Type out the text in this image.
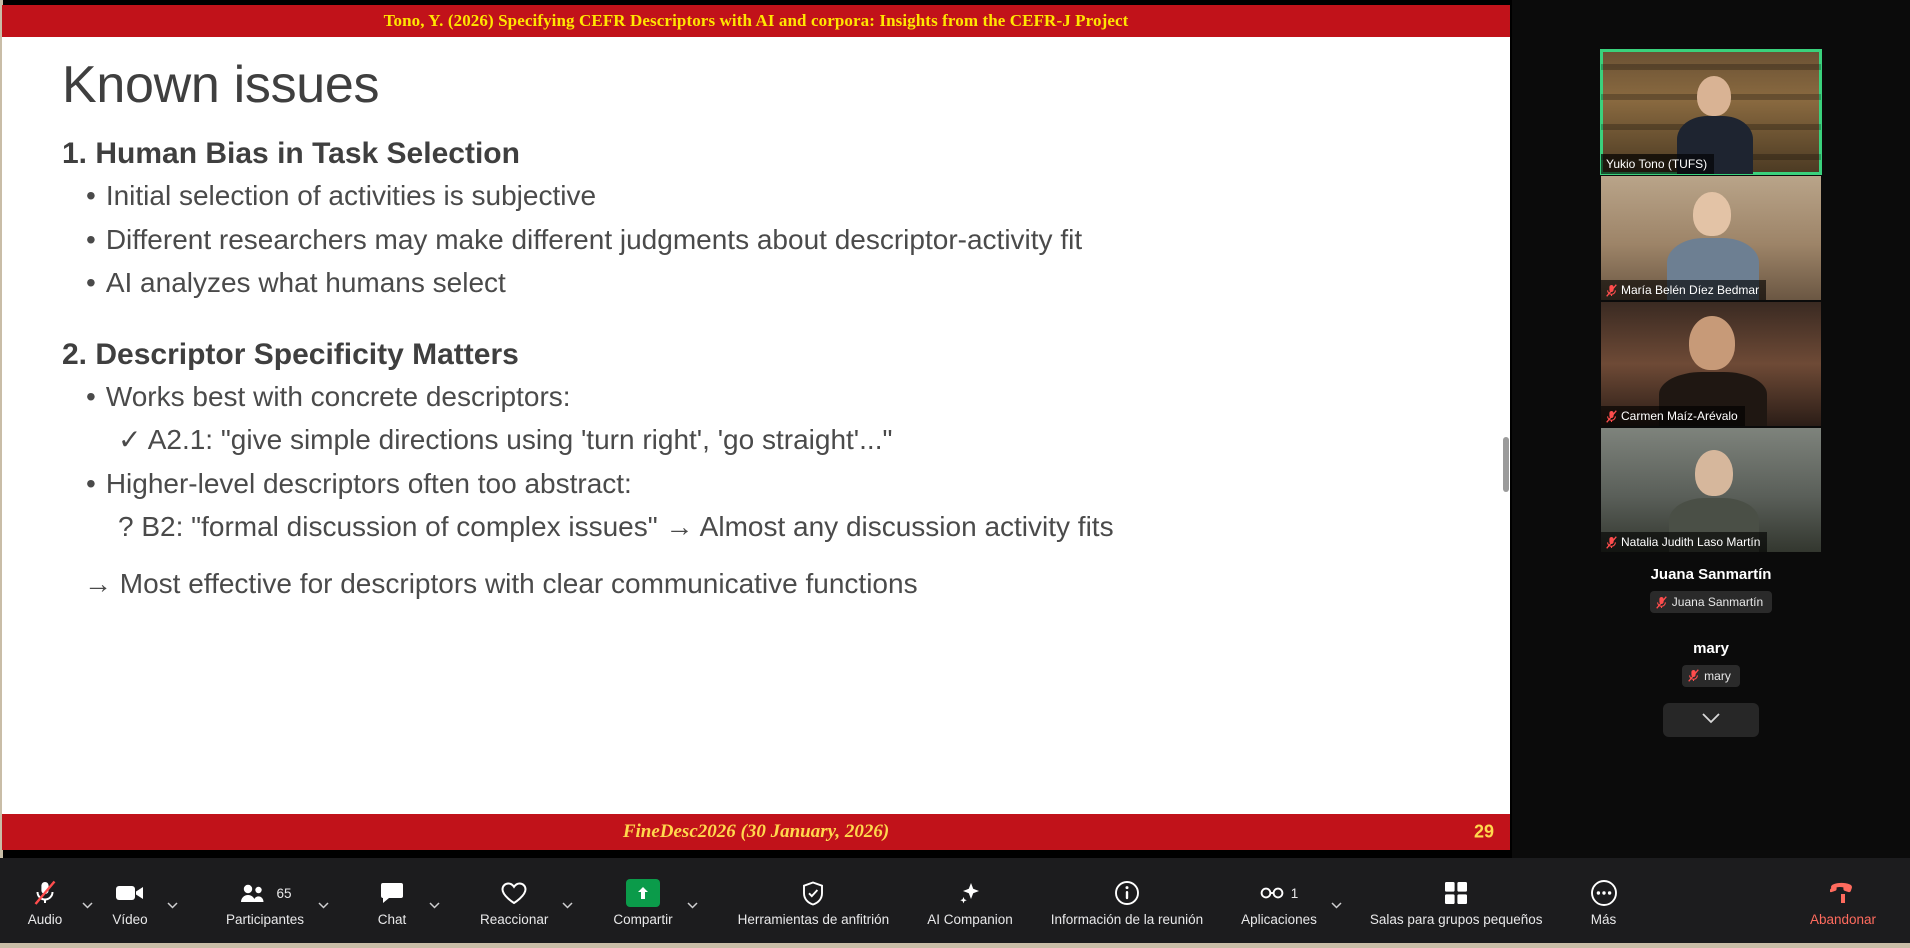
Tono, Y. (2026) Specifying CEFR Descriptors with AI and corpora: Insights from the CEFR-J Project
Known issues
1. Human Bias in Task Selection
• Initial selection of activities is subjective
• Different researchers may make different judgments about descriptor-activity fit
• AI analyzes what humans select
2. Descriptor Specificity Matters
• Works best with concrete descriptors:
✓ A2.1: "give simple directions using 'turn right', 'go straight'..."
• Higher-level descriptors often too abstract:
? B2: "formal discussion of complex issues" → Almost any discussion activity fits
→ Most effective for descriptors with clear communicative functions
FineDesc2026 (30 January, 2026)	29
Yukio Tono (TUFS)
María Belén Díez Bedmar
Carmen Maíz-Arévalo
Natalia Judith Laso Martín
Juana Sanmartín
Juana Sanmartín
mary
mary
Audio	Vídeo
65
Participantes	Chat	Reaccionar	Compartir	Herramientas de anfitrión	AI Companion	Información de la reunión
1
Aplicaciones	Salas para grupos pequeños	Más	Abandonar
